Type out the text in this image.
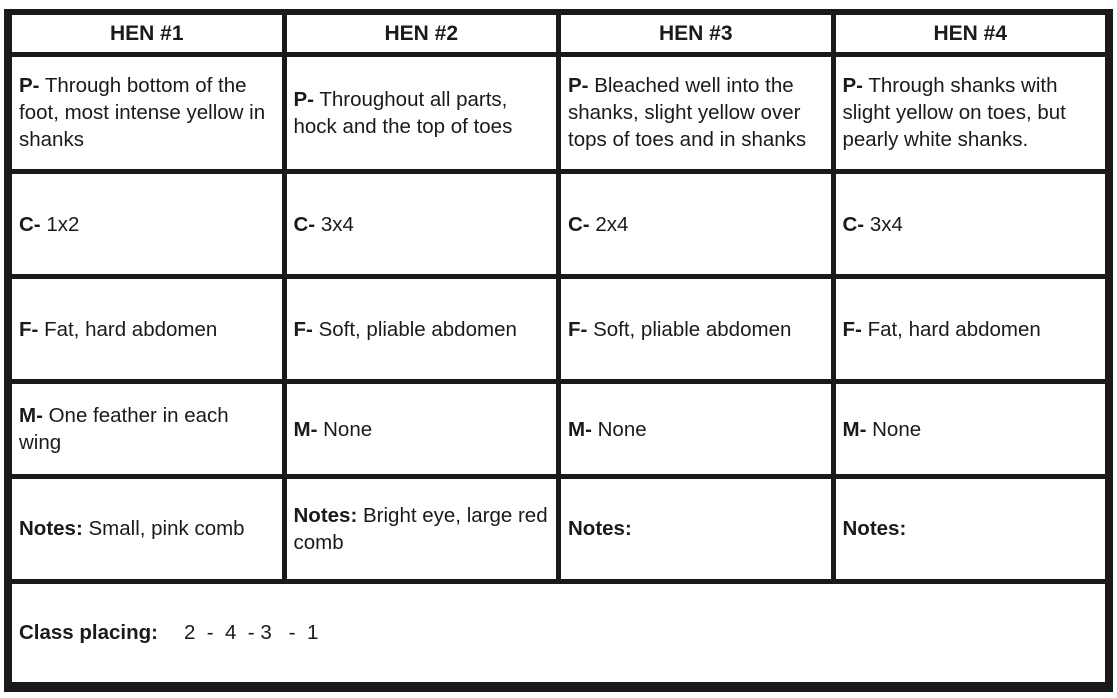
HEN #1	HEN #2	HEN #3	HEN #4
P- Through bottom of the foot, most intense yellow in shanks	P- Throughout all parts, hock and the top of toes	P- Bleached well into the shanks, slight yellow over tops of toes and in shanks	P- Through shanks with slight yellow on toes, but pearly white shanks.
C- 1x2	C- 3x4	C- 2x4	C- 3x4
F- Fat, hard abdomen	F- Soft, pliable abdomen	F- Soft, pliable abdomen	F- Fat, hard abdomen
M- One feather in each wing	M- None	M- None	M- None
Notes: Small, pink comb	Notes: Bright eye, large red comb	Notes:	Notes:
Class placing: 2  -  4  - 3   -  1			
